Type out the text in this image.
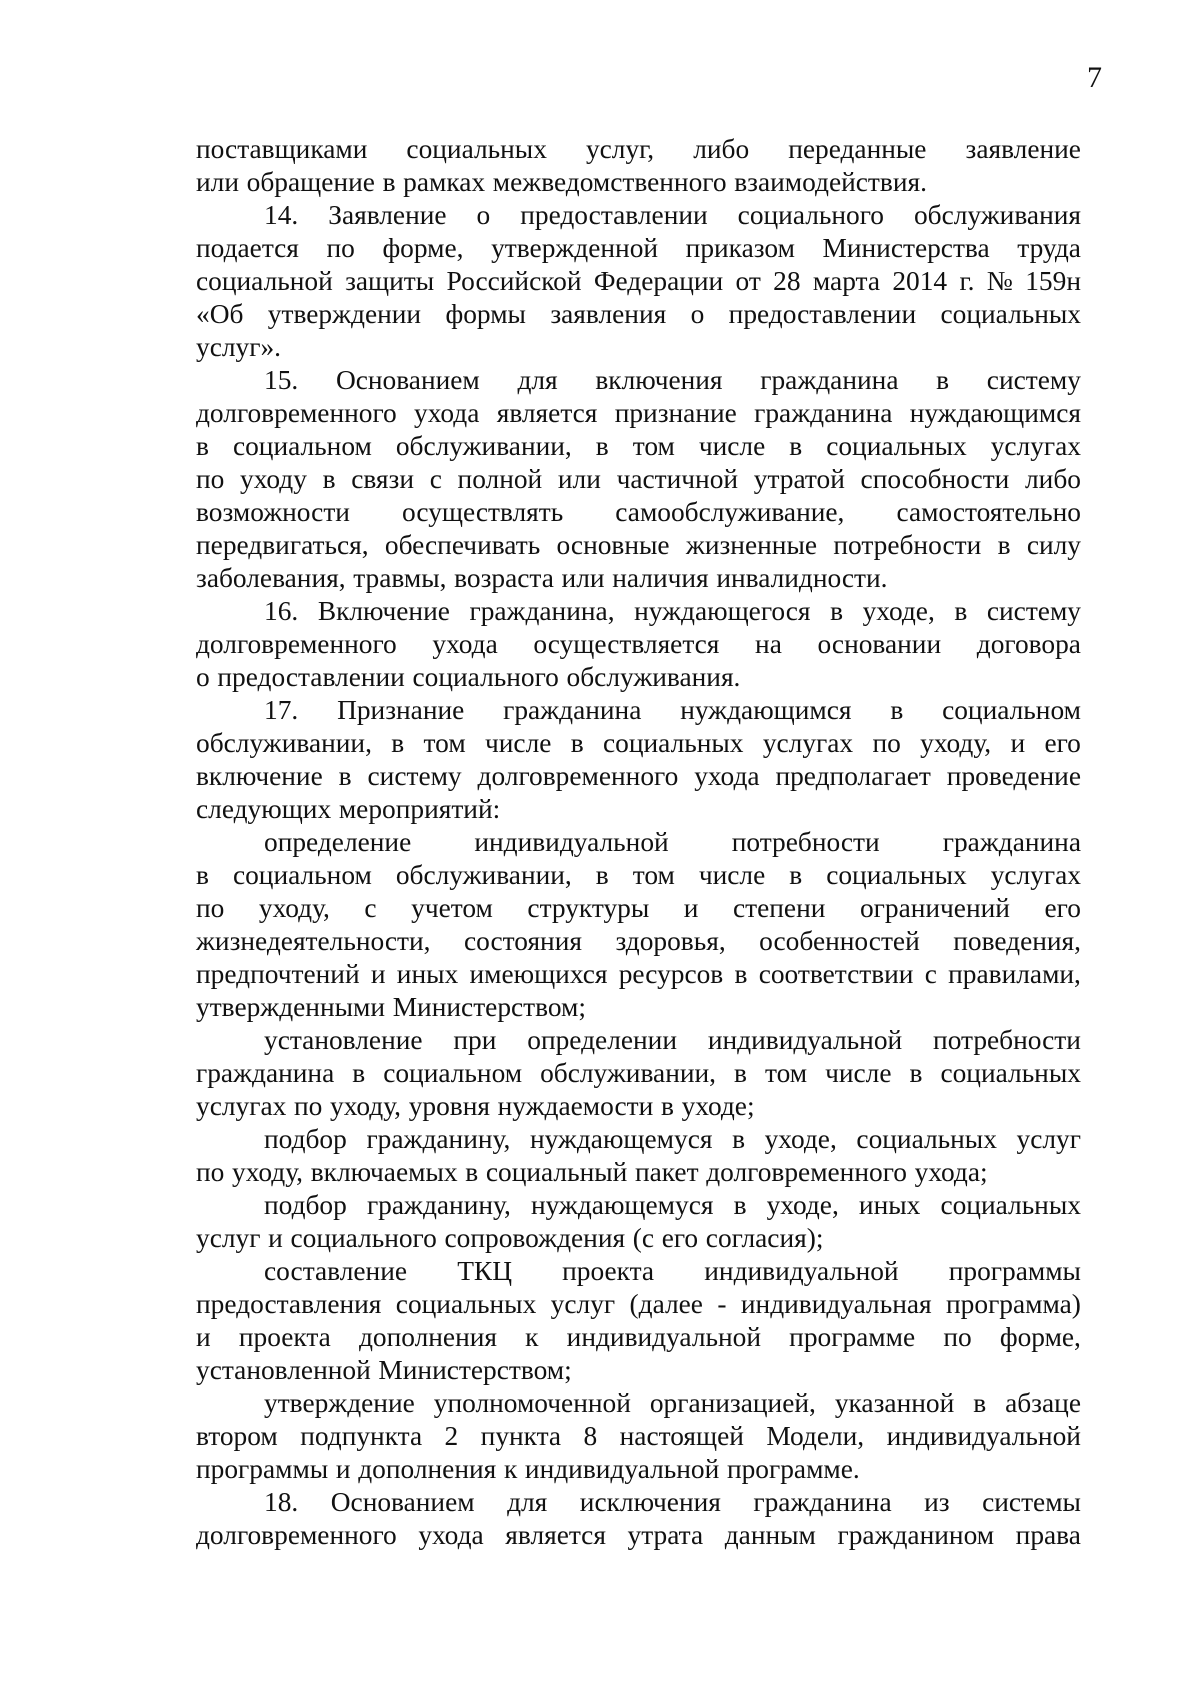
7
поставщиками социальных услуг, либо переданные заявление
или обращение в рамках межведомственного взаимодействия.
14. Заявление о предоставлении социального обслуживания
подается по форме, утвержденной приказом Министерства труда
социальной защиты Российской Федерации от 28 марта 2014 г. № 159н
«Об утверждении формы заявления о предоставлении социальных
услуг».
15. Основанием для включения гражданина в систему
долговременного ухода является признание гражданина нуждающимся
в социальном обслуживании, в том числе в социальных услугах
по уходу в связи с полной или частичной утратой способности либо
возможности осуществлять самообслуживание, самостоятельно
передвигаться, обеспечивать основные жизненные потребности в силу
заболевания, травмы, возраста или наличия инвалидности.
16. Включение гражданина, нуждающегося в уходе, в систему
долговременного ухода осуществляется на основании договора
о предоставлении социального обслуживания.
17. Признание гражданина нуждающимся в социальном
обслуживании, в том числе в социальных услугах по уходу, и его
включение в систему долговременного ухода предполагает проведение
следующих мероприятий:
определение индивидуальной потребности гражданина
в социальном обслуживании, в том числе в социальных услугах
по уходу, с учетом структуры и степени ограничений его
жизнедеятельности, состояния здоровья, особенностей поведения,
предпочтений и иных имеющихся ресурсов в соответствии с правилами,
утвержденными Министерством;
установление при определении индивидуальной потребности
гражданина в социальном обслуживании, в том числе в социальных
услугах по уходу, уровня нуждаемости в уходе;
подбор гражданину, нуждающемуся в уходе, социальных услуг
по уходу, включаемых в социальный пакет долговременного ухода;
подбор гражданину, нуждающемуся в уходе, иных социальных
услуг и социального сопровождения (с его согласия);
составление ТКЦ проекта индивидуальной программы
предоставления социальных услуг (далее - индивидуальная программа)
и проекта дополнения к индивидуальной программе по форме,
установленной Министерством;
утверждение уполномоченной организацией, указанной в абзаце
втором подпункта 2 пункта 8 настоящей Модели, индивидуальной
программы и дополнения к индивидуальной программе.
18. Основанием для исключения гражданина из системы
долговременного ухода является утрата данным гражданином права
